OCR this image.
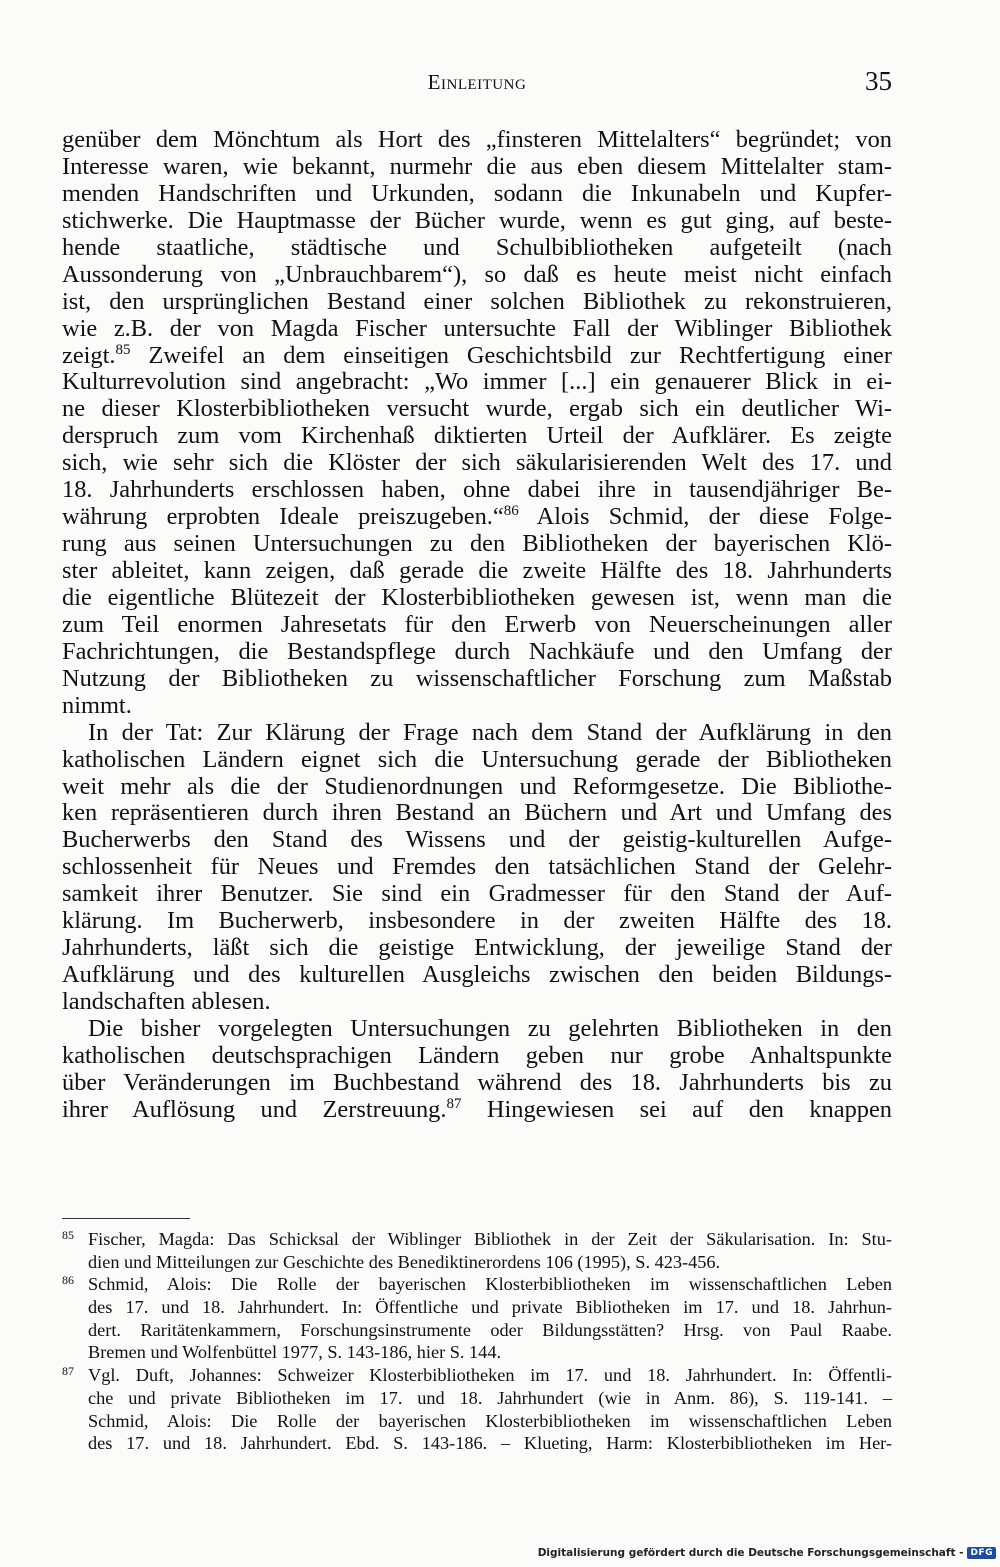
Einleitung	35
genüber dem Mönchtum als Hort des „finsteren Mittelalters“ begründet; von
Interesse waren, wie bekannt, nurmehr die aus eben diesem Mittelalter stam-
menden Handschriften und Urkunden, sodann die Inkunabeln und Kupfer-
stichwerke. Die Hauptmasse der Bücher wurde, wenn es gut ging, auf beste-
hende staatliche, städtische und Schulbibliotheken aufgeteilt (nach
Aussonderung von „Unbrauchbarem“), so daß es heute meist nicht einfach
ist, den ursprünglichen Bestand einer solchen Bibliothek zu rekonstruieren,
wie z.B. der von Magda Fischer untersuchte Fall der Wiblinger Bibliothek
zeigt.$^{85}$ Zweifel an dem einseitigen Geschichtsbild zur Rechtfertigung einer
Kulturrevolution sind angebracht: „Wo immer [...] ein genauerer Blick in ei-
ne dieser Klosterbibliotheken versucht wurde, ergab sich ein deutlicher Wi-
derspruch zum vom Kirchenhaß diktierten Urteil der Aufklärer. Es zeigte
sich, wie sehr sich die Klöster der sich säkularisierenden Welt des 17. und
18. Jahrhunderts erschlossen haben, ohne dabei ihre in tausendjähriger Be-
währung erprobten Ideale preiszugeben.“$^{86}$ Alois Schmid, der diese Folge-
rung aus seinen Untersuchungen zu den Bibliotheken der bayerischen Klö-
ster ableitet, kann zeigen, daß gerade die zweite Hälfte des 18. Jahrhunderts
die eigentliche Blütezeit der Klosterbibliotheken gewesen ist, wenn man die
zum Teil enormen Jahresetats für den Erwerb von Neuerscheinungen aller
Fachrichtungen, die Bestandspflege durch Nachkäufe und den Umfang der
Nutzung der Bibliotheken zu wissenschaftlicher Forschung zum Maßstab
nimmt.
In der Tat: Zur Klärung der Frage nach dem Stand der Aufklärung in den
katholischen Ländern eignet sich die Untersuchung gerade der Bibliotheken
weit mehr als die der Studienordnungen und Reformgesetze. Die Bibliothe-
ken repräsentieren durch ihren Bestand an Büchern und Art und Umfang des
Bucherwerbs den Stand des Wissens und der geistig-kulturellen Aufge-
schlossenheit für Neues und Fremdes den tatsächlichen Stand der Gelehr-
samkeit ihrer Benutzer. Sie sind ein Gradmesser für den Stand der Auf-
klärung. Im Bucherwerb, insbesondere in der zweiten Hälfte des 18.
Jahrhunderts, läßt sich die geistige Entwicklung, der jeweilige Stand der
Aufklärung und des kulturellen Ausgleichs zwischen den beiden Bildungs-
landschaften ablesen.
Die bisher vorgelegten Untersuchungen zu gelehrten Bibliotheken in den
katholischen deutschsprachigen Ländern geben nur grobe Anhaltspunkte
über Veränderungen im Buchbestand während des 18. Jahrhunderts bis zu
ihrer Auflösung und Zerstreuung.$^{87}$ Hingewiesen sei auf den knappen
85 Fischer, Magda: Das Schicksal der Wiblinger Bibliothek in der Zeit der Säkularisation. In: Stu-
dien und Mitteilungen zur Geschichte des Benediktinerordens 106 (1995), S. 423-456.
86 Schmid, Alois: Die Rolle der bayerischen Klosterbibliotheken im wissenschaftlichen Leben
des 17. und 18. Jahrhundert. In: Öffentliche und private Bibliotheken im 17. und 18. Jahrhun-
dert. Raritätenkammern, Forschungsinstrumente oder Bildungsstätten? Hrsg. von Paul Raabe.
Bremen und Wolfenbüttel 1977, S. 143-186, hier S. 144.
87 Vgl. Duft, Johannes: Schweizer Klosterbibliotheken im 17. und 18. Jahrhundert. In: Öffentli-
che und private Bibliotheken im 17. und 18. Jahrhundert (wie in Anm. 86), S. 119-141. –
Schmid, Alois: Die Rolle der bayerischen Klosterbibliotheken im wissenschaftlichen Leben
des 17. und 18. Jahrhundert. Ebd. S. 143-186. – Klueting, Harm: Klosterbibliotheken im Her-
Digitalisierung gefördert durch die Deutsche Forschungsgemeinschaft - DFG
